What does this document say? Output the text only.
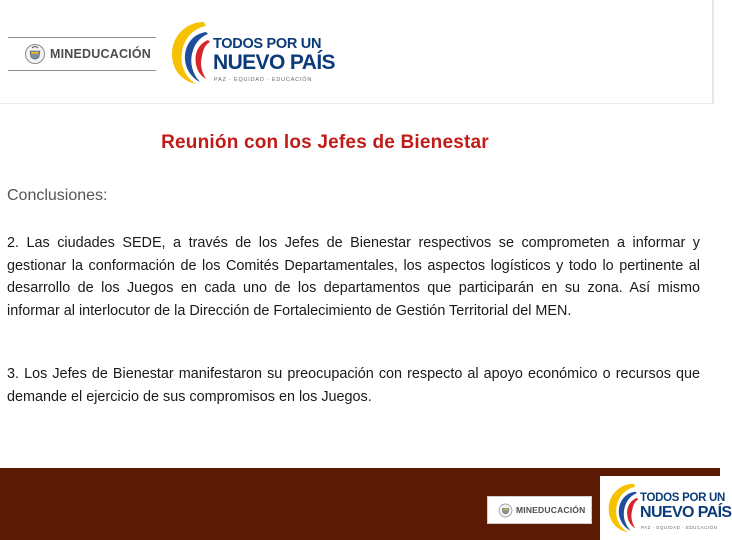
MINEDUCACIÓN
TODOS POR UN
NUEVO PAÍS
PAZ · EQUIDAD · EDUCACIÓN
Reunión con los Jefes de Bienestar
Conclusiones:

2. Las ciudades SEDE, a través de los Jefes de Bienestar respectivos se comprometen a informar y gestionar la conformación de los Comités Departamentales, los aspectos logísticos y todo lo pertinente al desarrollo de los Juegos en cada uno de los departamentos que participarán en su zona. Así mismo informar al interlocutor de la Dirección de Fortalecimiento de Gestión Territorial del MEN.

3. Los Jefes de Bienestar manifestaron su preocupación con respecto al apoyo económico o recursos que demande el ejercicio de sus compromisos en los Juegos.

MINEDUCACIÓN
TODOS POR UN
NUEVO PAÍS
PAZ · EQUIDAD · EDUCACIÓN
